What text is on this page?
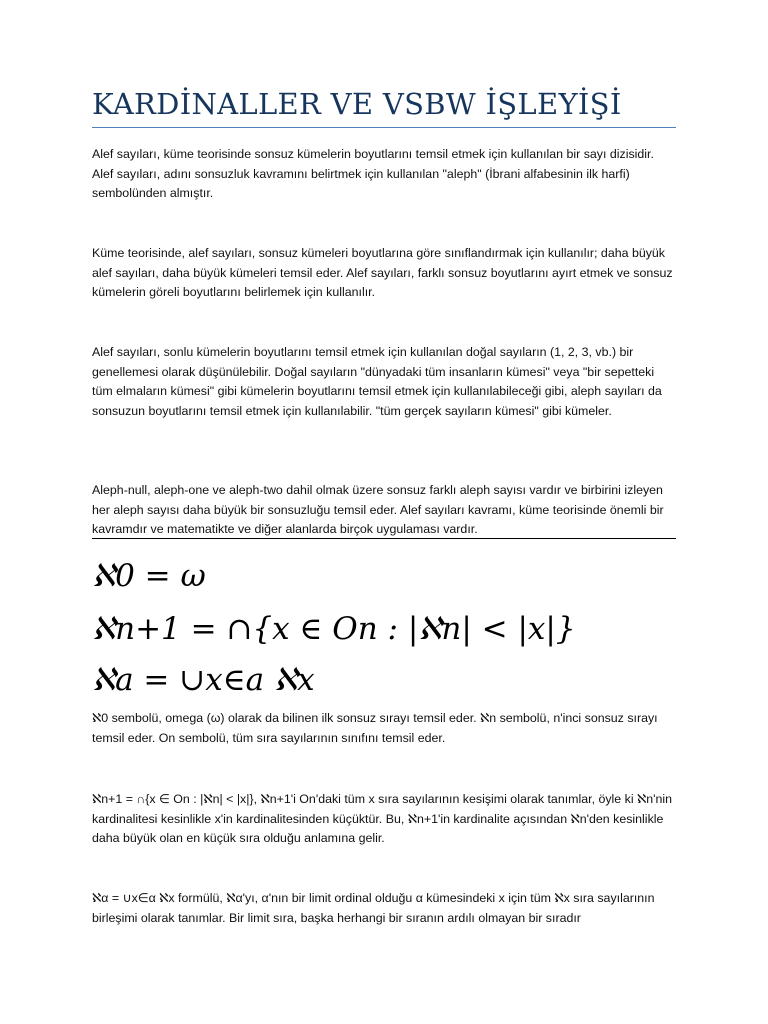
KARDİNALLER VE VSBW İŞLEYİŞİ

Alef sayıları, küme teorisinde sonsuz kümelerin boyutlarını temsil etmek için kullanılan bir sayı dizisidir. Alef sayıları, adını sonsuzluk kavramını belirtmek için kullanılan "aleph" (İbrani alfabesinin ilk harfi) sembolünden almıştır.

Küme teorisinde, alef sayıları, sonsuz kümeleri boyutlarına göre sınıflandırmak için kullanılır; daha büyük alef sayıları, daha büyük kümeleri temsil eder. Alef sayıları, farklı sonsuz boyutlarını ayırt etmek ve sonsuz kümelerin göreli boyutlarını belirlemek için kullanılır.

Alef sayıları, sonlu kümelerin boyutlarını temsil etmek için kullanılan doğal sayıların (1, 2, 3, vb.) bir genellemesi olarak düşünülebilir. Doğal sayıların "dünyadaki tüm insanların kümesi" veya "bir sepetteki tüm elmaların kümesi" gibi kümelerin boyutlarını temsil etmek için kullanılabileceği gibi, aleph sayıları da sonsuzun boyutlarını temsil etmek için kullanılabilir. "tüm gerçek sayıların kümesi" gibi kümeler.

Aleph-null, aleph-one ve aleph-two dahil olmak üzere sonsuz farklı aleph sayısı vardır ve birbirini izleyen her aleph sayısı daha büyük bir sonsuzluğu temsil eder. Alef sayıları kavramı, küme teorisinde önemli bir kavramdır ve matematikte ve diğer alanlarda birçok uygulaması vardır.

ℵ0 = ω
ℵn+1 = ∩{x ∈ On : |ℵn| < |x|}
ℵa = ∪x∈a ℵx

ℵ0 sembolü, omega (ω) olarak da bilinen ilk sonsuz sırayı temsil eder. ℵn sembolü, n'inci sonsuz sırayı temsil eder. On sembolü, tüm sıra sayılarının sınıfını temsil eder.

ℵn+1 = ∩{x ∈ On : |ℵn| < |x|}, ℵn+1'i On'daki tüm x sıra sayılarının kesişimi olarak tanımlar, öyle ki ℵn'nin kardinalitesi kesinlikle x'in kardinalitesinden küçüktür. Bu, ℵn+1'in kardinalite açısından ℵn'den kesinlikle daha büyük olan en küçük sıra olduğu anlamına gelir.

ℵα = ∪x∈α ℵx formülü, ℵα'yı, α'nın bir limit ordinal olduğu α kümesindeki x için tüm ℵx sıra sayılarının birleşimi olarak tanımlar. Bir limit sıra, başka herhangi bir sıranın ardılı olmayan bir sıradır
